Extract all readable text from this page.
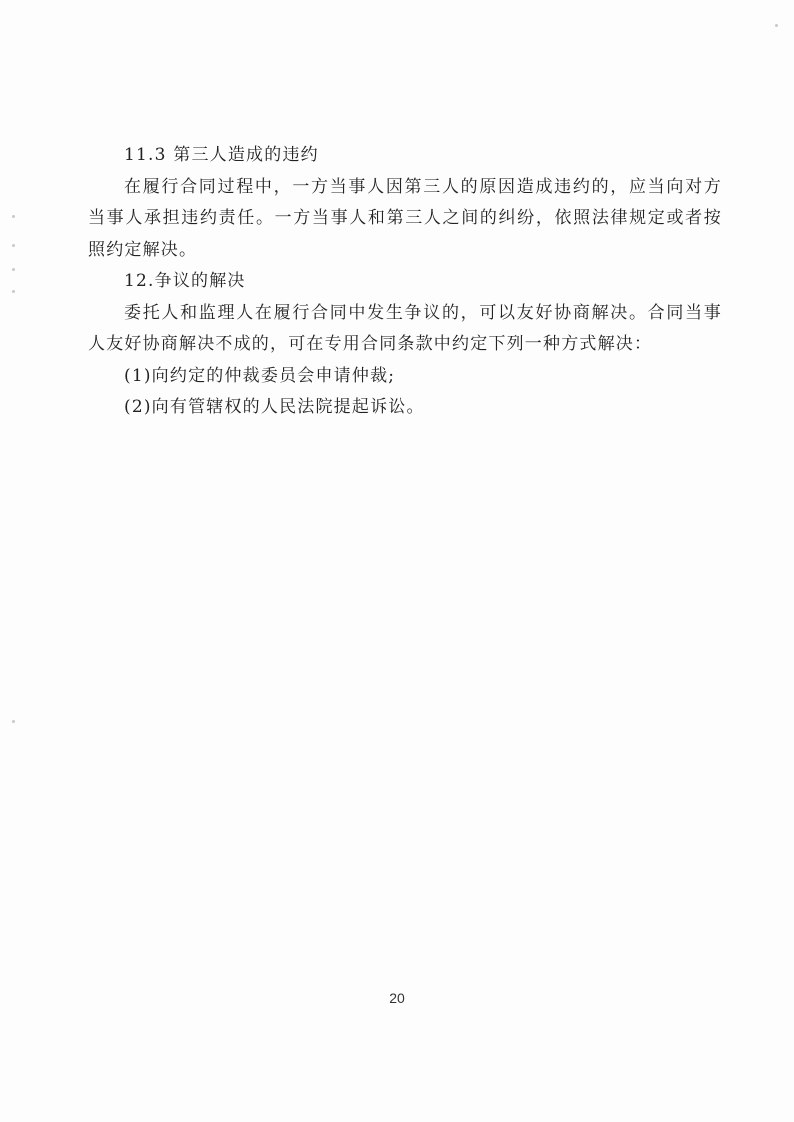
11.3 第三人造成的违约

在履行合同过程中，一方当事人因第三人的原因造成违约的，应当向对方当事人承担违约责任。一方当事人和第三人之间的纠纷，依照法律规定或者按照约定解决。

12.争议的解决

委托人和监理人在履行合同中发生争议的，可以友好协商解决。合同当事人友好协商解决不成的，可在专用合同条款中约定下列一种方式解决：

(1)向约定的仲裁委员会申请仲裁;

(2)向有管辖权的人民法院提起诉讼。

20
